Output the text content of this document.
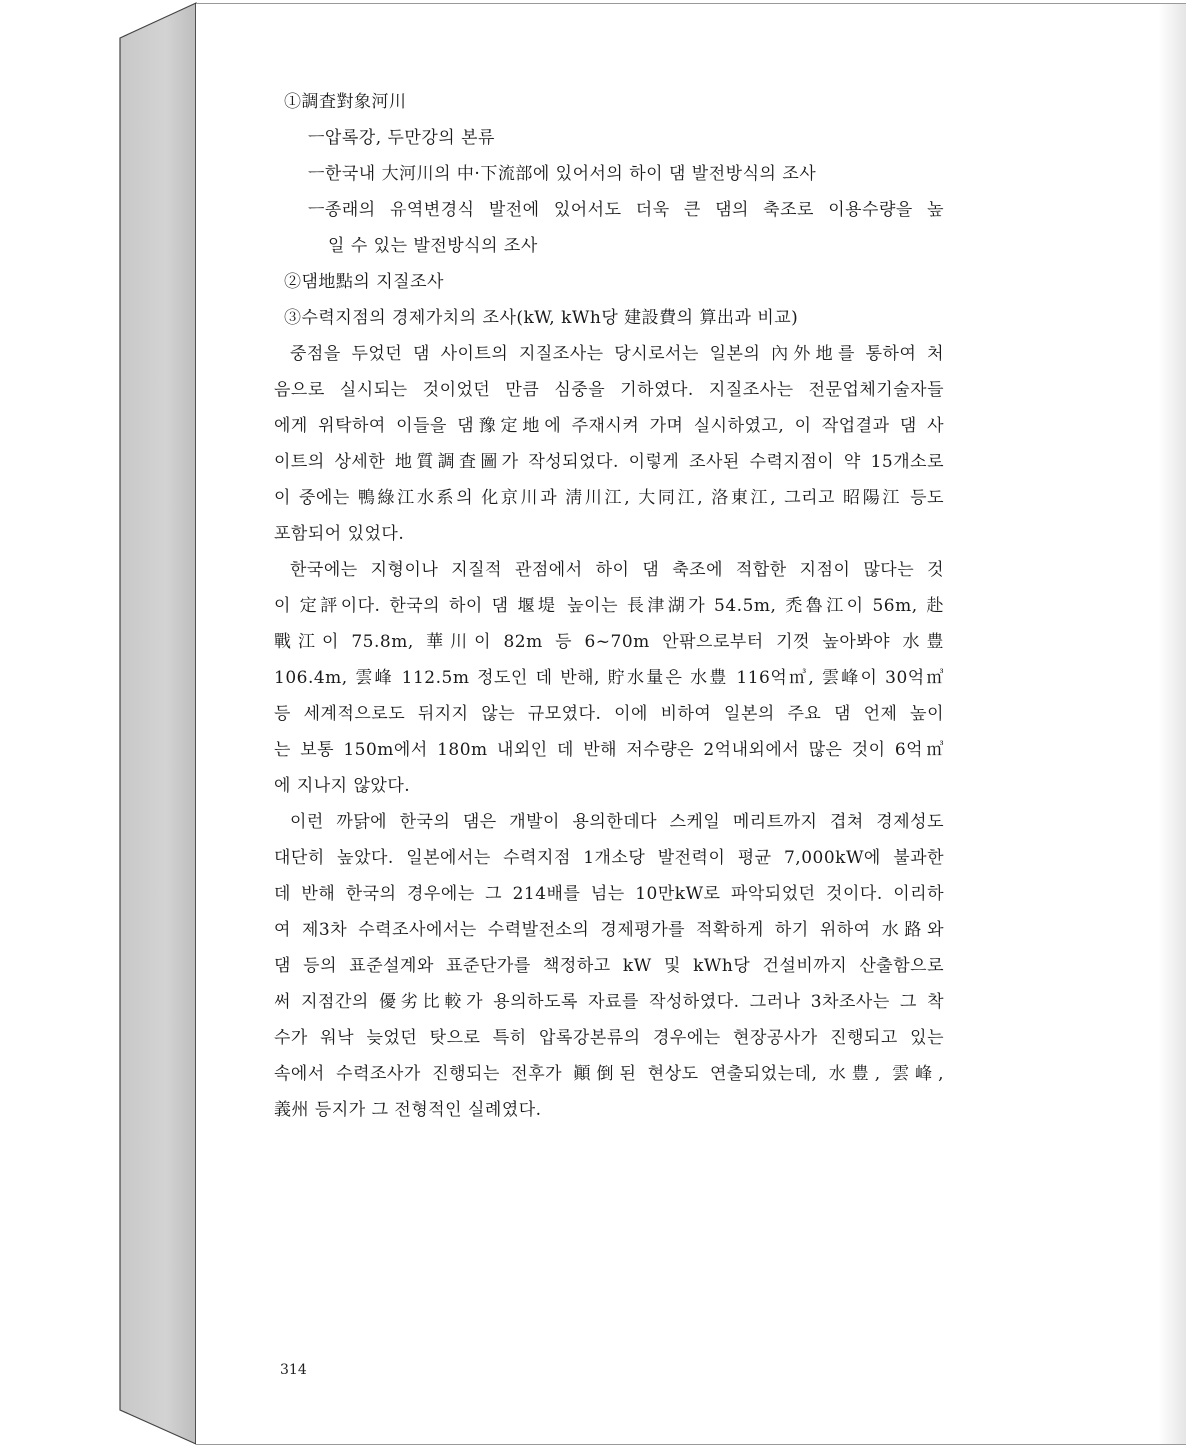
①調査對象河川
ㅡ압록강, 두만강의 본류
ㅡ한국내 大河川의 中·下流部에 있어서의 하이 댐 발전방식의 조사
ㅡ종래의 유역변경식 발전에 있어서도 더욱 큰 댐의 축조로 이용수량을 높
일 수 있는 발전방식의 조사
②댐地點의 지질조사
③수력지점의 경제가치의 조사(kW, kWh당 建設費의 算出과 비교)
중점을 두었던 댐 사이트의 지질조사는 당시로서는 일본의 內外地를 통하여 처
음으로 실시되는 것이었던 만큼 심중을 기하였다. 지질조사는 전문업체기술자들
에게 위탁하여 이들을 댐豫定地에 주재시켜 가며 실시하였고, 이 작업결과 댐 사
이트의 상세한 地質調査圖가 작성되었다. 이렇게 조사된 수력지점이 약 15개소로
이 중에는 鴨綠江水系의 化京川과 淸川江, 大同江, 洛東江, 그리고 昭陽江 등도
포함되어 있었다.
한국에는 지형이나 지질적 관점에서 하이 댐 축조에 적합한 지점이 많다는 것
이 定評이다. 한국의 하이 댐 堰堤 높이는 長津湖가 54.5m, 禿魯江이 56m, 赴
戰江이 75.8m, 華川이 82m 등 6~70m 안팎으로부터 기껏 높아봐야 水豊
106.4m, 雲峰 112.5m 정도인 데 반해, 貯水量은 水豊 116억㎥, 雲峰이 30억㎥
등 세계적으로도 뒤지지 않는 규모였다. 이에 비하여 일본의 주요 댐 언제 높이
는 보통 150m에서 180m 내외인 데 반해 저수량은 2억내외에서 많은 것이 6억㎥
에 지나지 않았다.
이런 까닭에 한국의 댐은 개발이 용의한데다 스케일 메리트까지 겹쳐 경제성도
대단히 높았다. 일본에서는 수력지점 1개소당 발전력이 평균 7,000kW에 불과한
데 반해 한국의 경우에는 그 214배를 넘는 10만kW로 파악되었던 것이다. 이리하
여 제3차 수력조사에서는 수력발전소의 경제평가를 적확하게 하기 위하여 水路와
댐 등의 표준설계와 표준단가를 책정하고 kW 및 kWh당 건설비까지 산출함으로
써 지점간의 優劣比較가 용의하도록 자료를 작성하였다. 그러나 3차조사는 그 착
수가 워낙 늦었던 탓으로 특히 압록강본류의 경우에는 현장공사가 진행되고 있는
속에서 수력조사가 진행되는 전후가 顚倒된 현상도 연출되었는데, 水豊, 雲峰,
義州 등지가 그 전형적인 실례였다.
314
